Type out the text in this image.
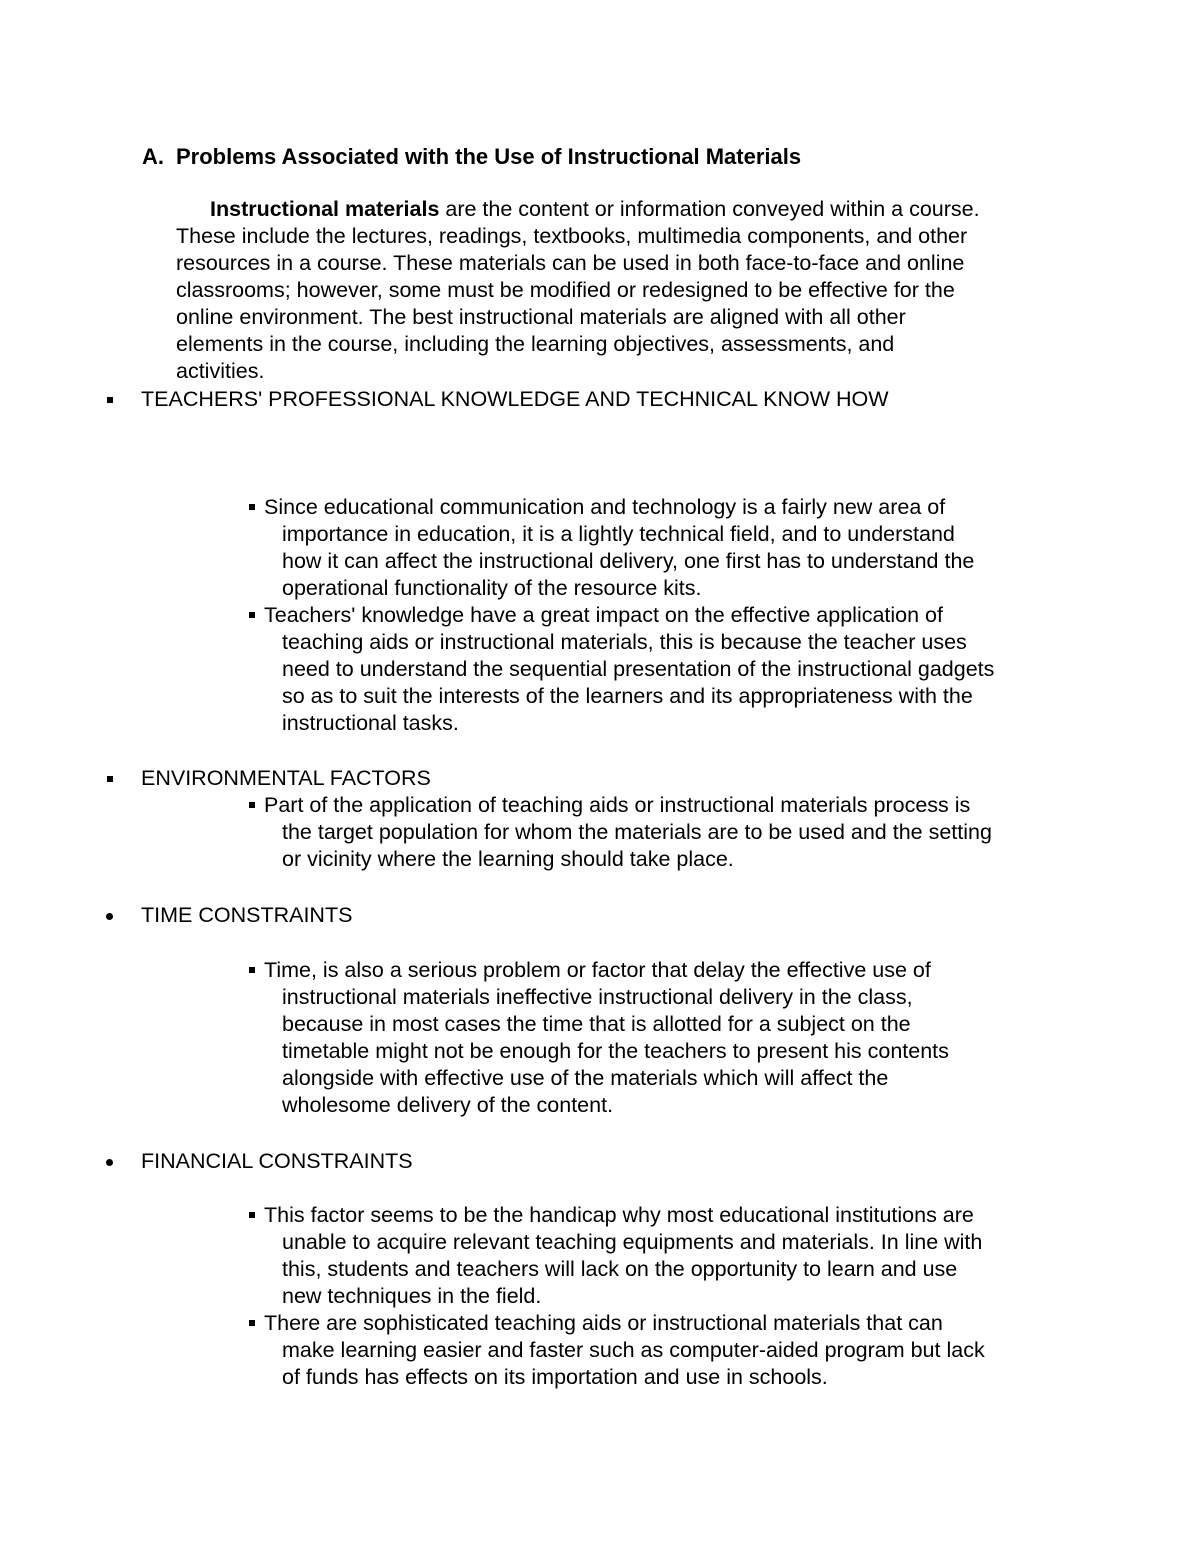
A. Problems Associated with the Use of Instructional Materials
Instructional materials are the content or information conveyed within a course.
These include the lectures, readings, textbooks, multimedia components, and other
resources in a course. These materials can be used in both face-to-face and online
classrooms; however, some must be modified or redesigned to be effective for the
online environment. The best instructional materials are aligned with all other
elements in the course, including the learning objectives, assessments, and
activities.
TEACHERS' PROFESSIONAL KNOWLEDGE AND TECHNICAL KNOW HOW
Since educational communication and technology is a fairly new area of
importance in education, it is a lightly technical field, and to understand
how it can affect the instructional delivery, one first has to understand the
operational functionality of the resource kits.
Teachers' knowledge have a great impact on the effective application of
teaching aids or instructional materials, this is because the teacher uses
need to understand the sequential presentation of the instructional gadgets
so as to suit the interests of the learners and its appropriateness with the
instructional tasks.
ENVIRONMENTAL FACTORS
Part of the application of teaching aids or instructional materials process is
the target population for whom the materials are to be used and the setting
or vicinity where the learning should take place.
TIME CONSTRAINTS
Time, is also a serious problem or factor that delay the effective use of
instructional materials ineffective instructional delivery in the class,
because in most cases the time that is allotted for a subject on the
timetable might not be enough for the teachers to present his contents
alongside with effective use of the materials which will affect the
wholesome delivery of the content.
FINANCIAL CONSTRAINTS
This factor seems to be the handicap why most educational institutions are
unable to acquire relevant teaching equipments and materials. In line with
this, students and teachers will lack on the opportunity to learn and use
new techniques in the field.
There are sophisticated teaching aids or instructional materials that can
make learning easier and faster such as computer-aided program but lack
of funds has effects on its importation and use in schools.
